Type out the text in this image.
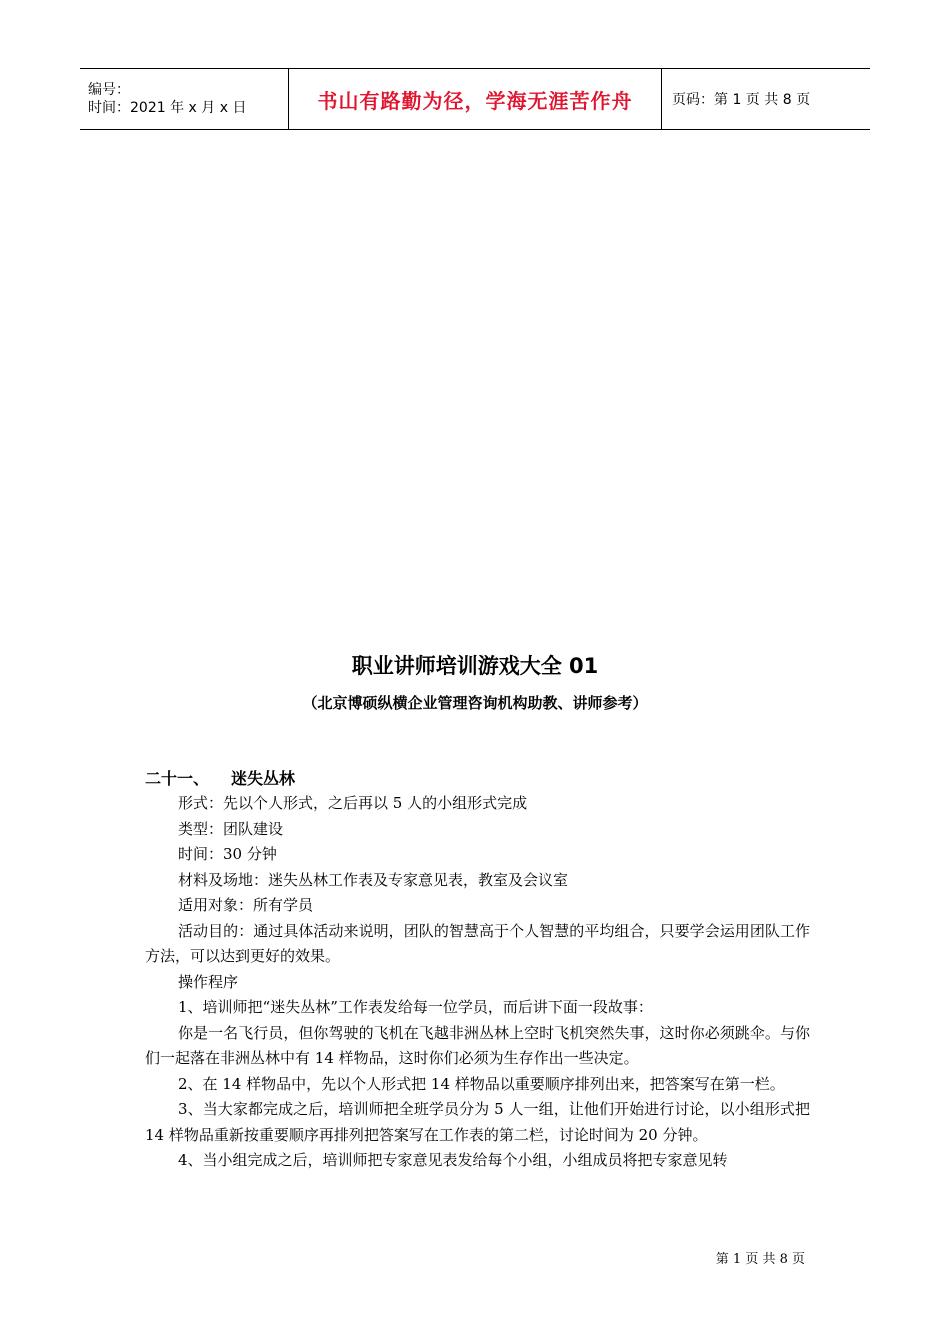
编号：
时间：2021 年 x 月 x 日	书山有路勤为径，学海无涯苦作舟	页码：第 1 页 共 8 页
职业讲师培训游戏大全 01
（北京博硕纵横企业管理咨询机构助教、讲师参考）
二十一、 迷失丛林

形式：先以个人形式，之后再以 5 人的小组形式完成

类型：团队建设

时间：30 分钟

材料及场地：迷失丛林工作表及专家意见表，教室及会议室

适用对象：所有学员

活动目的：通过具体活动来说明，团队的智慧高于个人智慧的平均组合，只要学会运用团队工作方法，可以达到更好的效果。

操作程序

1、培训师把“迷失丛林”工作表发给每一位学员，而后讲下面一段故事：

你是一名飞行员，但你驾驶的飞机在飞越非洲丛林上空时飞机突然失事，这时你必须跳伞。与你们一起落在非洲丛林中有 14 样物品，这时你们必须为生存作出一些决定。

2、在 14 样物品中，先以个人形式把 14 样物品以重要顺序排列出来，把答案写在第一栏。

3、当大家都完成之后，培训师把全班学员分为 5 人一组，让他们开始进行讨论，以小组形式把 14 样物品重新按重要顺序再排列把答案写在工作表的第二栏，讨论时间为 20 分钟。

4、当小组完成之后，培训师把专家意见表发给每个小组，小组成员将把专家意见转

第 1 页 共 8 页
